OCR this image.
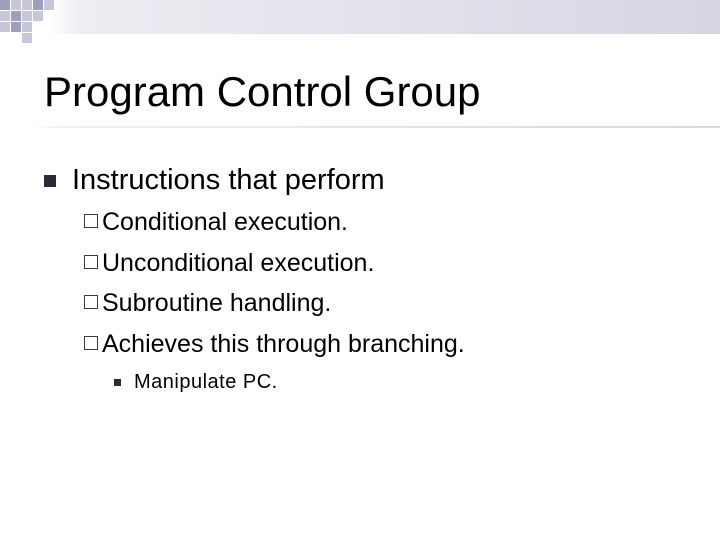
Program Control Group
Instructions that perform
Conditional execution.
Unconditional execution.
Subroutine handling.
Achieves this through branching.
Manipulate PC.
